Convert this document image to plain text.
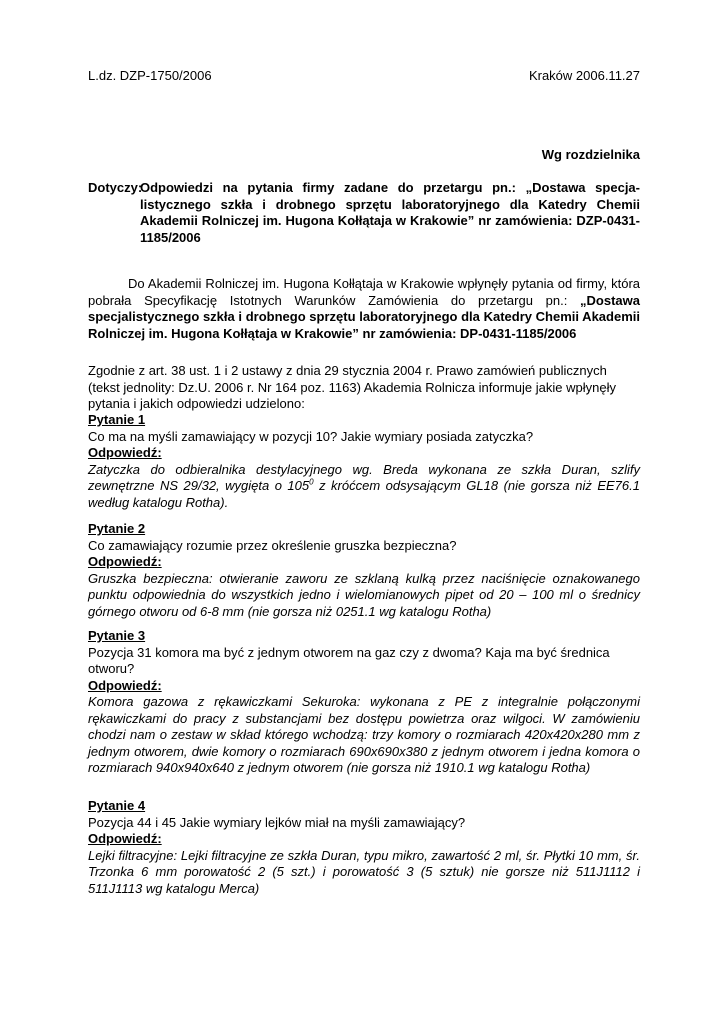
L.dz. DZP-1750/2006	Kraków 2006.11.27
Wg rozdzielnika
Dotyczy:
Odpowiedzi na pytania firmy zadane do przetargu pn.: „Dostawa specja-listycznego szkła i drobnego sprzętu laboratoryjnego dla Katedry Chemii Akademii Rolniczej im. Hugona Kołłątaja w Krakowie” nr zamówienia: DZP-0431-1185/2006
Do Akademii Rolniczej im. Hugona Kołłątaja w Krakowie wpłynęły pytania od firmy, która pobrała Specyfikację Istotnych Warunków Zamówienia do przetargu pn.: „Dostawa specjalistycznego szkła i drobnego sprzętu laboratoryjnego dla Katedry Chemii Akademii Rolniczej im. Hugona Kołłątaja w Krakowie” nr zamówienia: DP-0431-1185/2006
Zgodnie z art. 38 ust. 1 i 2 ustawy z dnia 29 stycznia 2004 r. Prawo zamówień publicznych (tekst jednolity: Dz.U. 2006 r. Nr 164 poz. 1163) Akademia Rolnicza informuje jakie wpłynęły pytania i jakich odpowiedzi udzielono:
Pytanie 1
Co ma na myśli zamawiający w pozycji 10? Jakie wymiary posiada zatyczka?
Odpowiedź:
Zatyczka do odbieralnika destylacyjnego wg. Breda wykonana ze szkła Duran, szlify zewnętrzne NS 29/32, wygięta o $105^0$ z króćcem odsysającym GL18 (nie gorsza niż EE76.1 według katalogu Rotha).
Pytanie 2
Co zamawiający rozumie przez określenie gruszka bezpieczna?
Odpowiedź:
Gruszka bezpieczna: otwieranie zaworu ze szklaną kulką przez naciśnięcie oznakowanego punktu odpowiednia do wszystkich jedno i wielomianowych pipet od 20 – 100 ml o średnicy górnego otworu od 6-8 mm (nie gorsza niż 0251.1 wg katalogu Rotha)
Pytanie 3
Pozycja 31 komora ma być z jednym otworem na gaz czy z dwoma? Kaja ma być średnica otworu?
Odpowiedź:
Komora gazowa z rękawiczkami Sekuroka: wykonana z PE z integralnie połączonymi rękawiczkami do pracy z substancjami bez dostępu powietrza oraz wilgoci. W zamówieniu chodzi nam o zestaw w skład którego wchodzą: trzy komory o rozmiarach 420x420x280 mm z jednym otworem, dwie komory o rozmiarach 690x690x380 z jednym otworem i jedna komora o rozmiarach 940x940x640 z jednym otworem (nie gorsza niż 1910.1 wg katalogu Rotha)
Pytanie 4
Pozycja 44 i 45 Jakie wymiary lejków miał na myśli zamawiający?
Odpowiedź:
Lejki filtracyjne: Lejki filtracyjne ze szkła Duran, typu mikro, zawartość 2 ml, śr. Płytki 10 mm, śr. Trzonka 6 mm porowatość 2 (5 szt.) i porowatość 3 (5 sztuk) nie gorsze niż 511J1112 i 511J1113 wg katalogu Merca)
